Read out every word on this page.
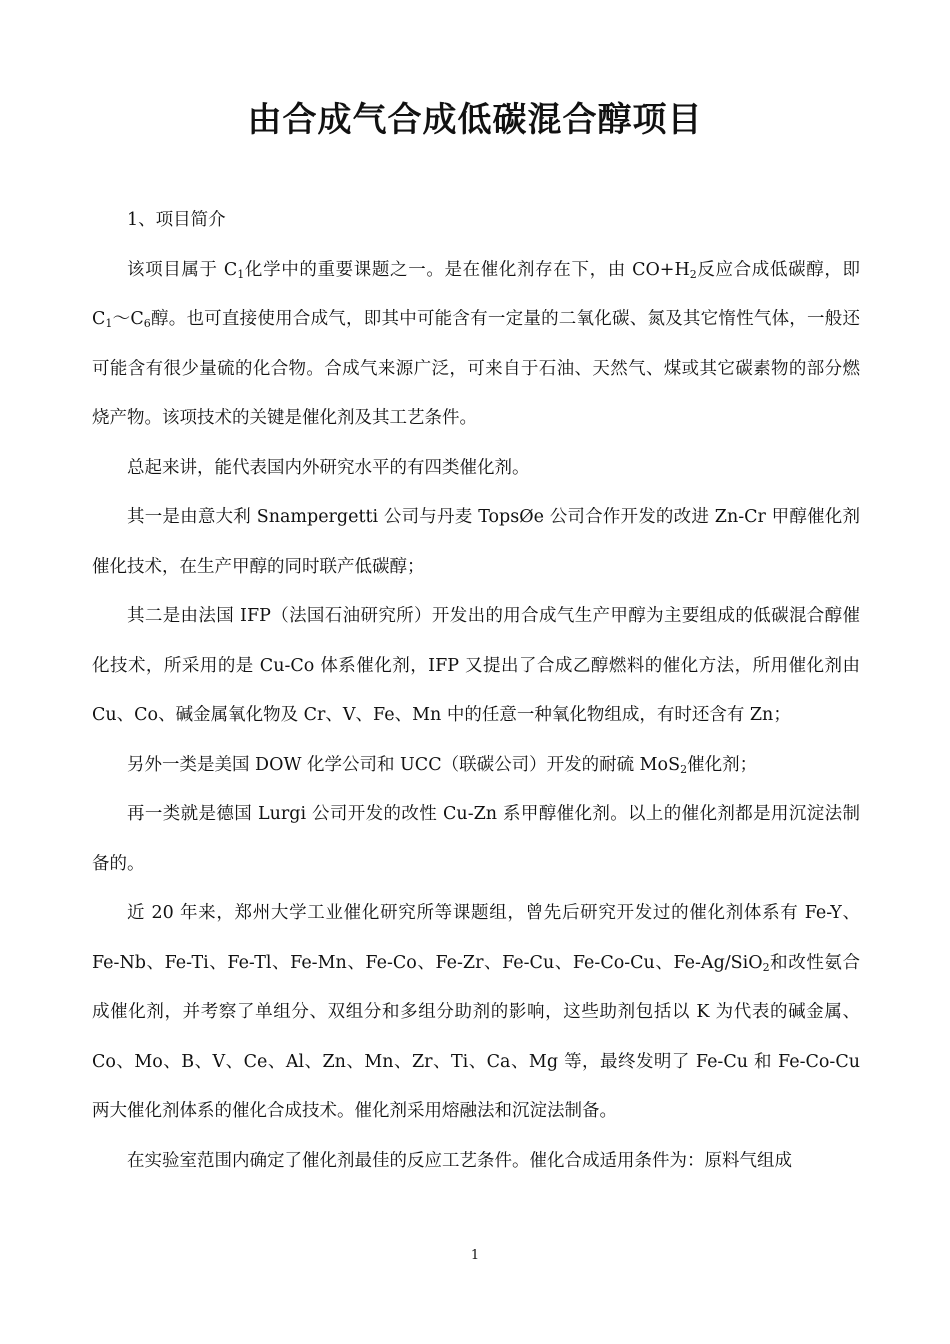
由合成气合成低碳混合醇项目

1、项目简介

该项目属于 $C_1$化学中的重要课题之一。是在催化剂存在下，由 $CO+H_2$反应合成低碳醇，即 $C_1\sim C_6$醇。也可直接使用合成气，即其中可能含有一定量的二氧化碳、氮及其它惰性气体，一般还可能含有很少量硫的化合物。合成气来源广泛，可来自于石油、天然气、煤或其它碳素物的部分燃烧产物。该项技术的关键是催化剂及其工艺条件。

总起来讲，能代表国内外研究水平的有四类催化剂。

其一是由意大利 Snampergetti 公司与丹麦 TopsØe 公司合作开发的改进 Zn-Cr 甲醇催化剂催化技术，在生产甲醇的同时联产低碳醇；

其二是由法国 IFP（法国石油研究所）开发出的用合成气生产甲醇为主要组成的低碳混合醇催化技术，所采用的是 Cu-Co 体系催化剂，IFP 又提出了合成乙醇燃料的催化方法，所用催化剂由 Cu、Co、碱金属氧化物及 Cr、V、Fe、Mn 中的任意一种氧化物组成，有时还含有 Zn；

另外一类是美国 DOW 化学公司和 UCC（联碳公司）开发的耐硫 MoS$_2$催化剂；

再一类就是德国 Lurgi 公司开发的改性 Cu-Zn 系甲醇催化剂。以上的催化剂都是用沉淀法制备的。

近 20 年来，郑州大学工业催化研究所等课题组，曾先后研究开发过的催化剂体系有 Fe-Y、Fe-Nb、Fe-Ti、Fe-Tl、Fe-Mn、Fe-Co、Fe-Zr、Fe-Cu、Fe-Co-Cu、Fe-Ag/SiO$_2$和改性氨合成催化剂，并考察了单组分、双组分和多组分助剂的影响，这些助剂包括以 K 为代表的碱金属、Co、Mo、B、V、Ce、Al、Zn、Mn、Zr、Ti、Ca、Mg 等，最终发明了 Fe-Cu 和 Fe-Co-Cu 两大催化剂体系的催化合成技术。催化剂采用熔融法和沉淀法制备。

在实验室范围内确定了催化剂最佳的反应工艺条件。催化合成适用条件为：原料气组成

1
